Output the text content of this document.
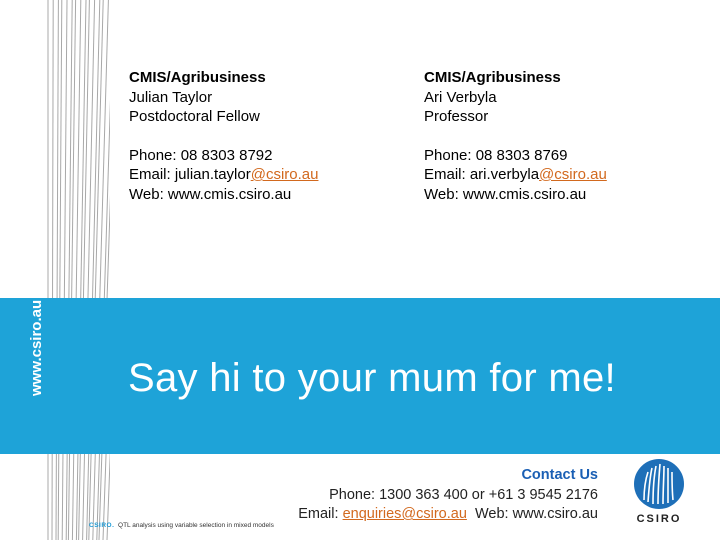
www.csiro.au
CMIS/Agribusiness
Julian Taylor
Postdoctoral Fellow
Phone: 08 8303 8792
Email: julian.taylor@csiro.au
Web: www.cmis.csiro.au
CMIS/Agribusiness
Ari Verbyla
Professor
Phone: 08 8303 8769
Email: ari.verbyla@csiro.au
Web: www.cmis.csiro.au
Say hi to your mum for me!
Contact Us
Phone: 1300 363 400 or +61 3 9545 2176
Email: enquiries@csiro.au  Web: www.csiro.au
CSIRO.  QTL analysis using variable selection in mixed models
CSIRO
